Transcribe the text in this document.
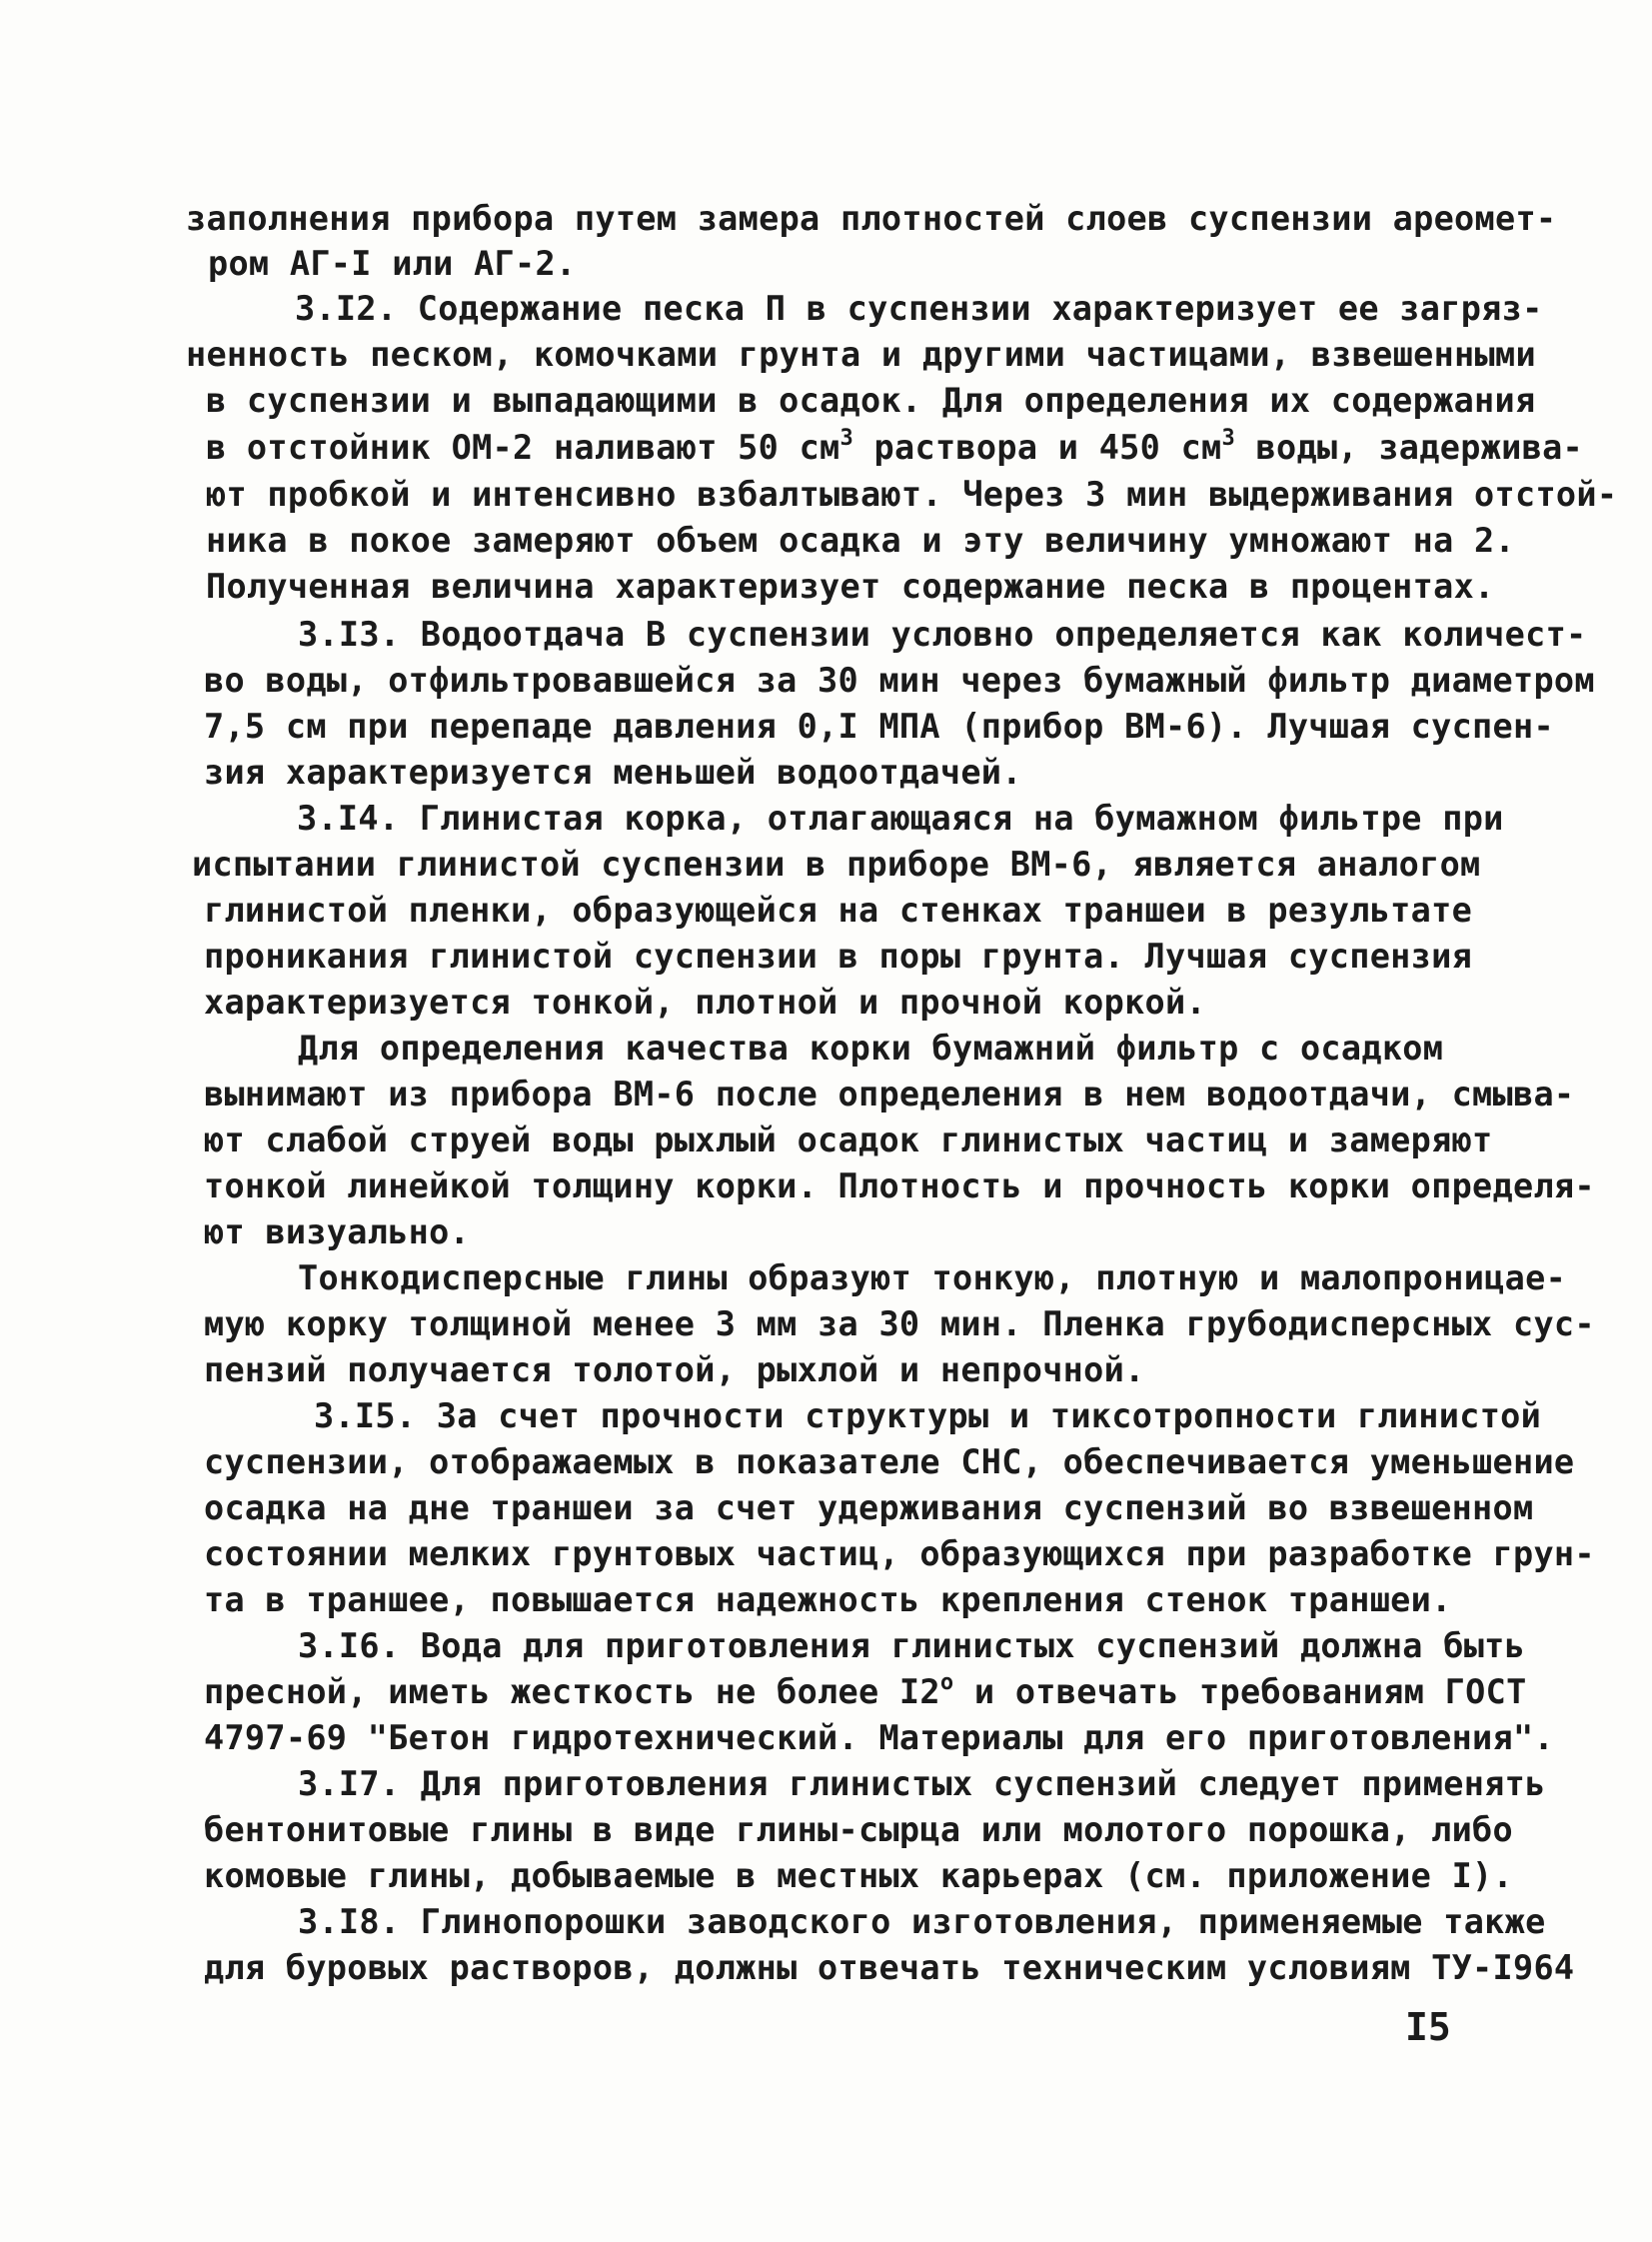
заполнения прибора путем замера плотностей слоев суспензии ареомет-
ром АГ-I или АГ-2.
3.I2. Содержание песка П в суспензии характеризует ее загряз-
ненность песком, комочками грунта и другими частицами, взвешенными
в суспензии и выпадающими в осадок. Для определения их содержания
в отстойник ОМ-2 наливают 50 $см^3$ раствора и 450 $см^3$ воды, задержива-
ют пробкой и интенсивно взбалтывают. Через 3 мин выдерживания отстой-
ника в покое замеряют объем осадка и эту величину умножают на 2.
Полученная величина характеризует содержание песка в процентах.
3.I3. Водоотдача В суспензии условно определяется как количест-
во воды, отфильтровавшейся за 30 мин через бумажный фильтр диаметром
7,5 см при перепаде давления 0,I МПА (прибор ВМ-6). Лучшая суспен-
зия характеризуется меньшей водоотдачей.
3.I4. Глинистая корка, отлагающаяся на бумажном фильтре при
испытании глинистой суспензии в приборе ВМ-6, является аналогом
глинистой пленки, образующейся на стенках траншеи в результате
проникания глинистой суспензии в поры грунта. Лучшая суспензия
характеризуется тонкой, плотной и прочной коркой.
Для определения качества корки бумажний фильтр с осадком
вынимают из прибора ВМ-6 после определения в нем водоотдачи, смыва-
ют слабой струей воды рыхлый осадок глинистых частиц и замеряют
тонкой линейкой толщину корки. Плотность и прочность корки определя-
ют визуально.
Тонкодисперсные глины образуют тонкую, плотную и малопроницае-
мую корку толщиной менее 3 мм за 30 мин. Пленка грубодисперсных сус-
пензий получается толотой, рыхлой и непрочной.
3.I5. За счет прочности структуры и тиксотропности глинистой
суспензии, отображаемых в показателе СНС, обеспечивается уменьшение
осадка на дне траншеи за счет удерживания суспензий во взвешенном
состоянии мелких грунтовых частиц, образующихся при разработке грун-
та в траншее, повышается надежность крепления стенок траншеи.
3.I6. Вода для приготовления глинистых суспензий должна быть
пресной, иметь жесткость не более $I2^о$ и отвечать требованиям ГОСТ
4797-69 "Бетон гидротехнический. Материалы для его приготовления".
3.I7. Для приготовления глинистых суспензий следует применять
бентонитовые глины в виде глины-сырца или молотого порошка, либо
комовые глины, добываемые в местных карьерах (см. приложение I).
3.I8. Глинопорошки заводского изготовления, применяемые также
для буровых растворов, должны отвечать техническим условиям ТУ-I964
I5
